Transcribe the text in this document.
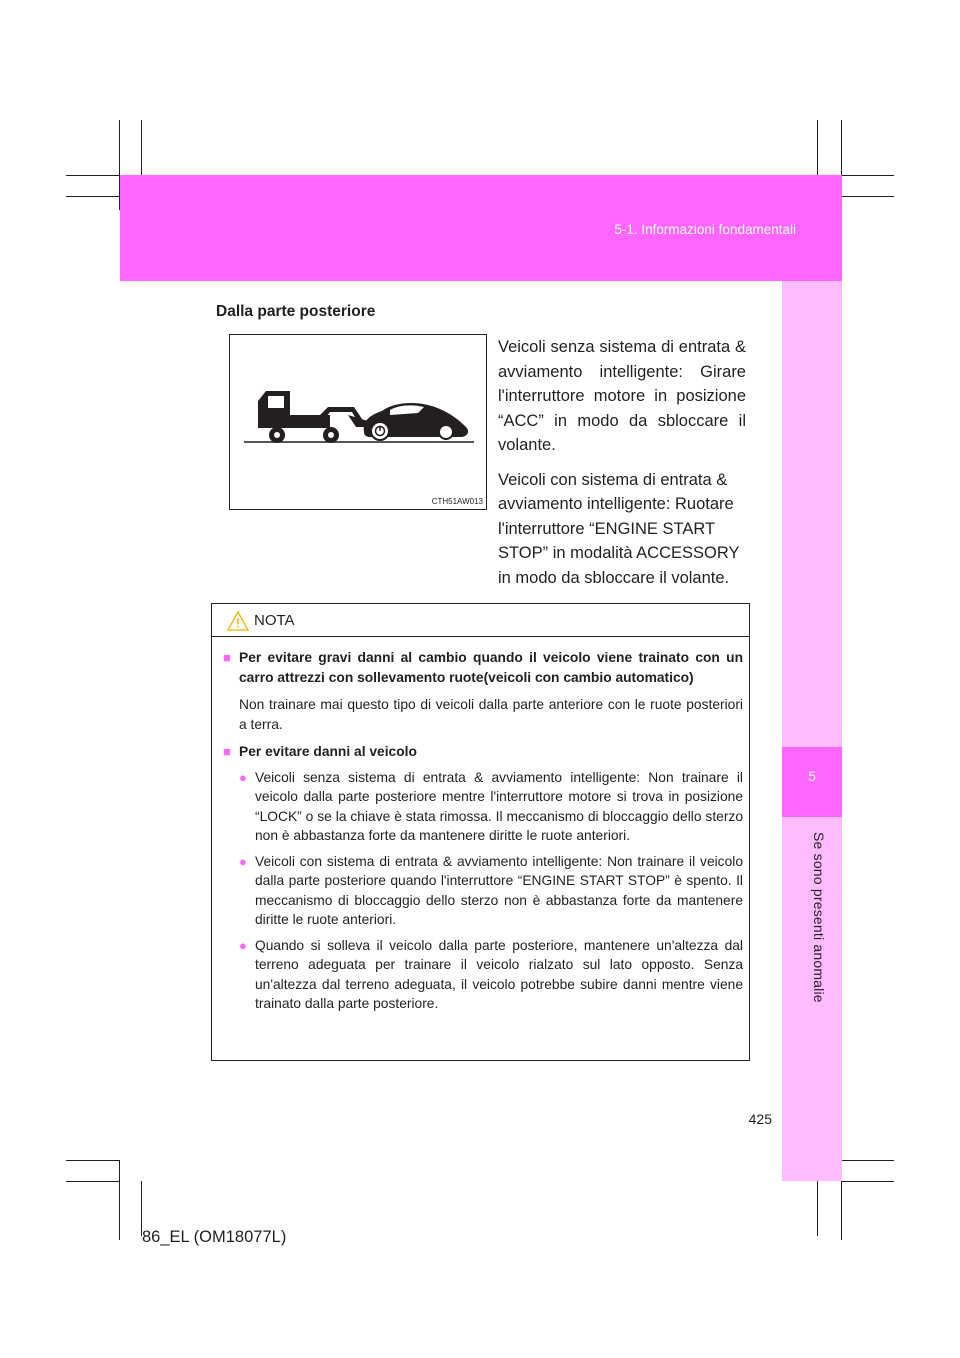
5-1. Informazioni fondamentali
5
Se sono presenti anomalie
Dalla parte posteriore
CTH51AW013

Veicoli senza sistema di entrata & avviamento intelligente: Girare l'interruttore motore in posizione “ACC” in modo da sbloccare il volante.

Veicoli con sistema di entrata & avviamento intelligente: Ruotare l'interruttore “ENGINE START STOP” in modalità ACCESSORY in modo da sbloccare il volante.

NOTA
■ Per evitare gravi danni al cambio quando il veicolo viene trainato con un carro attrezzi con sollevamento ruote(veicoli con cambio automatico)
Non trainare mai questo tipo di veicoli dalla parte anteriore con le ruote posteriori a terra.
■ Per evitare danni al veicolo
● Veicoli senza sistema di entrata & avviamento intelligente: Non trainare il veicolo dalla parte posteriore mentre l'interruttore motore si trova in posizione “LOCK” o se la chiave è stata rimossa. Il meccanismo di bloccaggio dello sterzo non è abbastanza forte da mantenere diritte le ruote anteriori.
● Veicoli con sistema di entrata & avviamento intelligente: Non trainare il veicolo dalla parte posteriore quando l'interruttore “ENGINE START STOP” è spento. Il meccanismo di bloccaggio dello sterzo non è abbastanza forte da mantenere diritte le ruote anteriori.
● Quando si solleva il veicolo dalla parte posteriore, mantenere un'altezza dal terreno adeguata per trainare il veicolo rialzato sul lato opposto. Senza un'altezza dal terreno adeguata, il veicolo potrebbe subire danni mentre viene trainato dalla parte posteriore.
425
86_EL (OM18077L)
